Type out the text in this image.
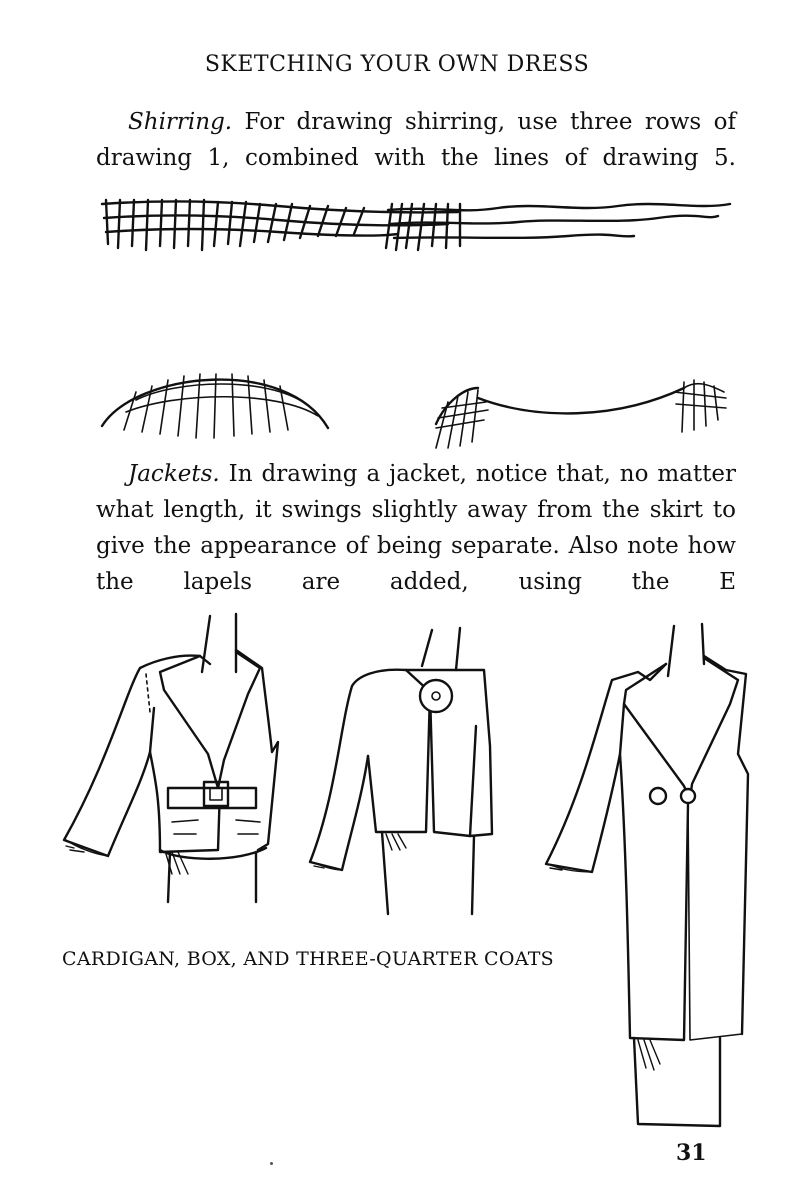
SKETCHING YOUR OWN DRESS

Shirring. For drawing shirring, use three rows of drawing 1, combined with the lines of drawing 5.

Jackets. In drawing a jacket, notice that, no matter what length, it swings slightly away from the skirt to give the appearance of being separate. Also note how the lapels are added, using the E

CARDIGAN, BOX, AND THREE-QUARTER COATS
31
